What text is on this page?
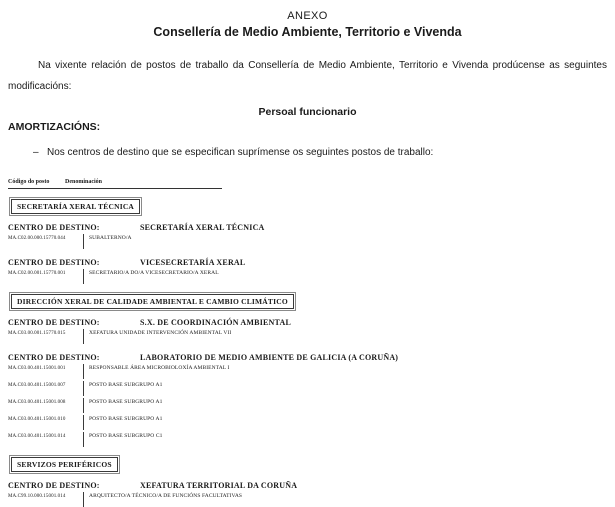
ANEXO
Consellería de Medio Ambiente, Territorio e Vivenda

Na vixente relación de postos de traballo da Consellería de Medio Ambiente, Territorio e Vivenda prodúcense as seguintes modificacións:

Persoal funcionario
AMORTIZACIÓNS:
– Nos centros de destino que se especifican suprímense os seguintes postos de traballo:
Código do posto	Denominación
SECRETARÍA XERAL TÉCNICA
CENTRO DE DESTINO:	SECRETARÍA XERAL TÉCNICA
MA.C02.00.000.15770.044	SUBALTERNO/A
CENTRO DE DESTINO:	VICESECRETARÍA XERAL
MA.C02.00.001.15770.001	SECRETARIO/A DO/A VICESECRETARIO/A XERAL
DIRECCIÓN XERAL DE CALIDADE AMBIENTAL E CAMBIO CLIMÁTICO
CENTRO DE DESTINO:	S.X. DE COORDINACIÓN AMBIENTAL
MA.C03.00.001.15770.015	XEFATURA UNIDADE INTERVENCIÓN AMBIENTAL VII
CENTRO DE DESTINO:	LABORATORIO DE MEDIO AMBIENTE DE GALICIA (A CORUÑA)
MA.C03.00.401.15001.001	RESPONSABLE ÁREA MICROBIOLOXÍA AMBIENTAL I
MA.C03.00.401.15001.007	POSTO BASE SUBGRUPO A1
MA.C03.00.401.15001.008	POSTO BASE SUBGRUPO A1
MA.C03.00.401.15001.010	POSTO BASE SUBGRUPO A1
MA.C03.00.401.15001.014	POSTO BASE SUBGRUPO C1
SERVIZOS PERIFÉRICOS
CENTRO DE DESTINO:	XEFATURA TERRITORIAL DA CORUÑA
MA.C99.10.000.15001.014	ARQUITECTO/A TÉCNICO/A DE FUNCIÓNS FACULTATIVAS
